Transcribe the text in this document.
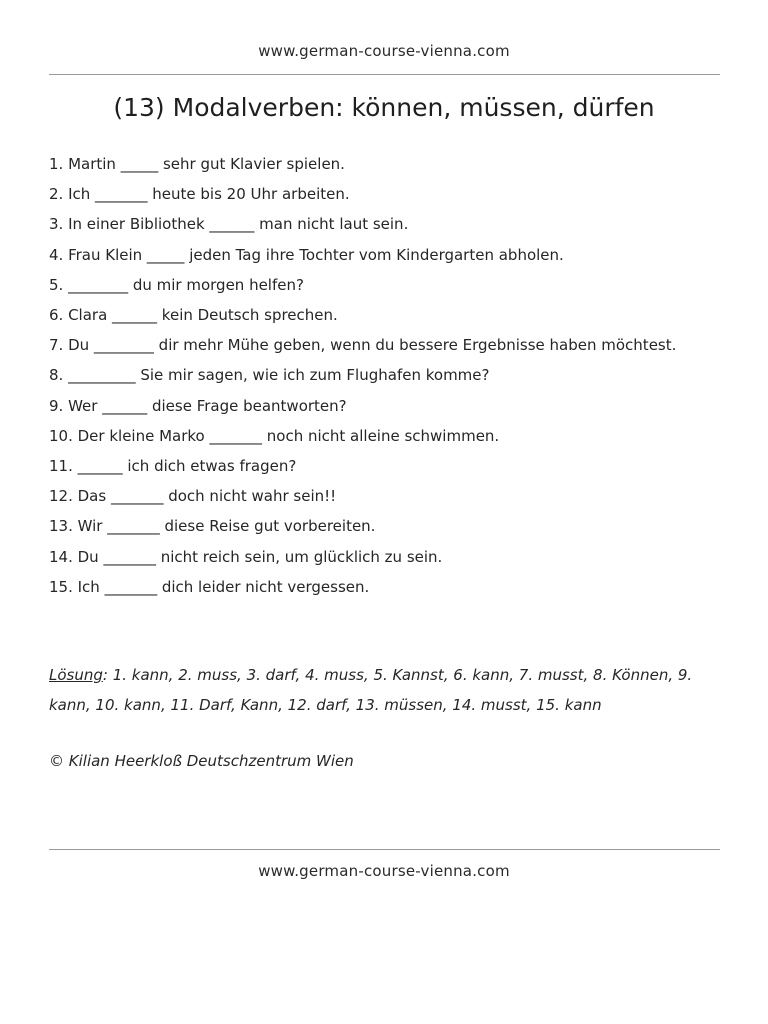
www.german-course-vienna.com
(13) Modalverben: können, müssen, dürfen

1. Martin _____ sehr gut Klavier spielen.

2. Ich _______ heute bis 20 Uhr arbeiten.

3. In einer Bibliothek ______ man nicht laut sein.

4. Frau Klein _____ jeden Tag ihre Tochter vom Kindergarten abholen.

5. ________ du mir morgen helfen?

6. Clara ______ kein Deutsch sprechen.

7. Du ________ dir mehr Mühe geben, wenn du bessere Ergebnisse haben möchtest.

8. _________ Sie mir sagen, wie ich zum Flughafen komme?

9. Wer ______ diese Frage beantworten?

10. Der kleine Marko _______ noch nicht alleine schwimmen.

11. ______ ich dich etwas fragen?

12. Das _______ doch nicht wahr sein!!

13. Wir _______ diese Reise gut vorbereiten.

14. Du _______ nicht reich sein, um glücklich zu sein.

15. Ich _______ dich leider nicht vergessen.

Lösung: 1. kann, 2. muss, 3. darf, 4. muss, 5. Kannst, 6. kann, 7. musst, 8. Können, 9. kann, 10. kann, 11. Darf, Kann, 12. darf, 13. müssen, 14. musst, 15. kann
© Kilian Heerkloß Deutschzentrum Wien
www.german-course-vienna.com
